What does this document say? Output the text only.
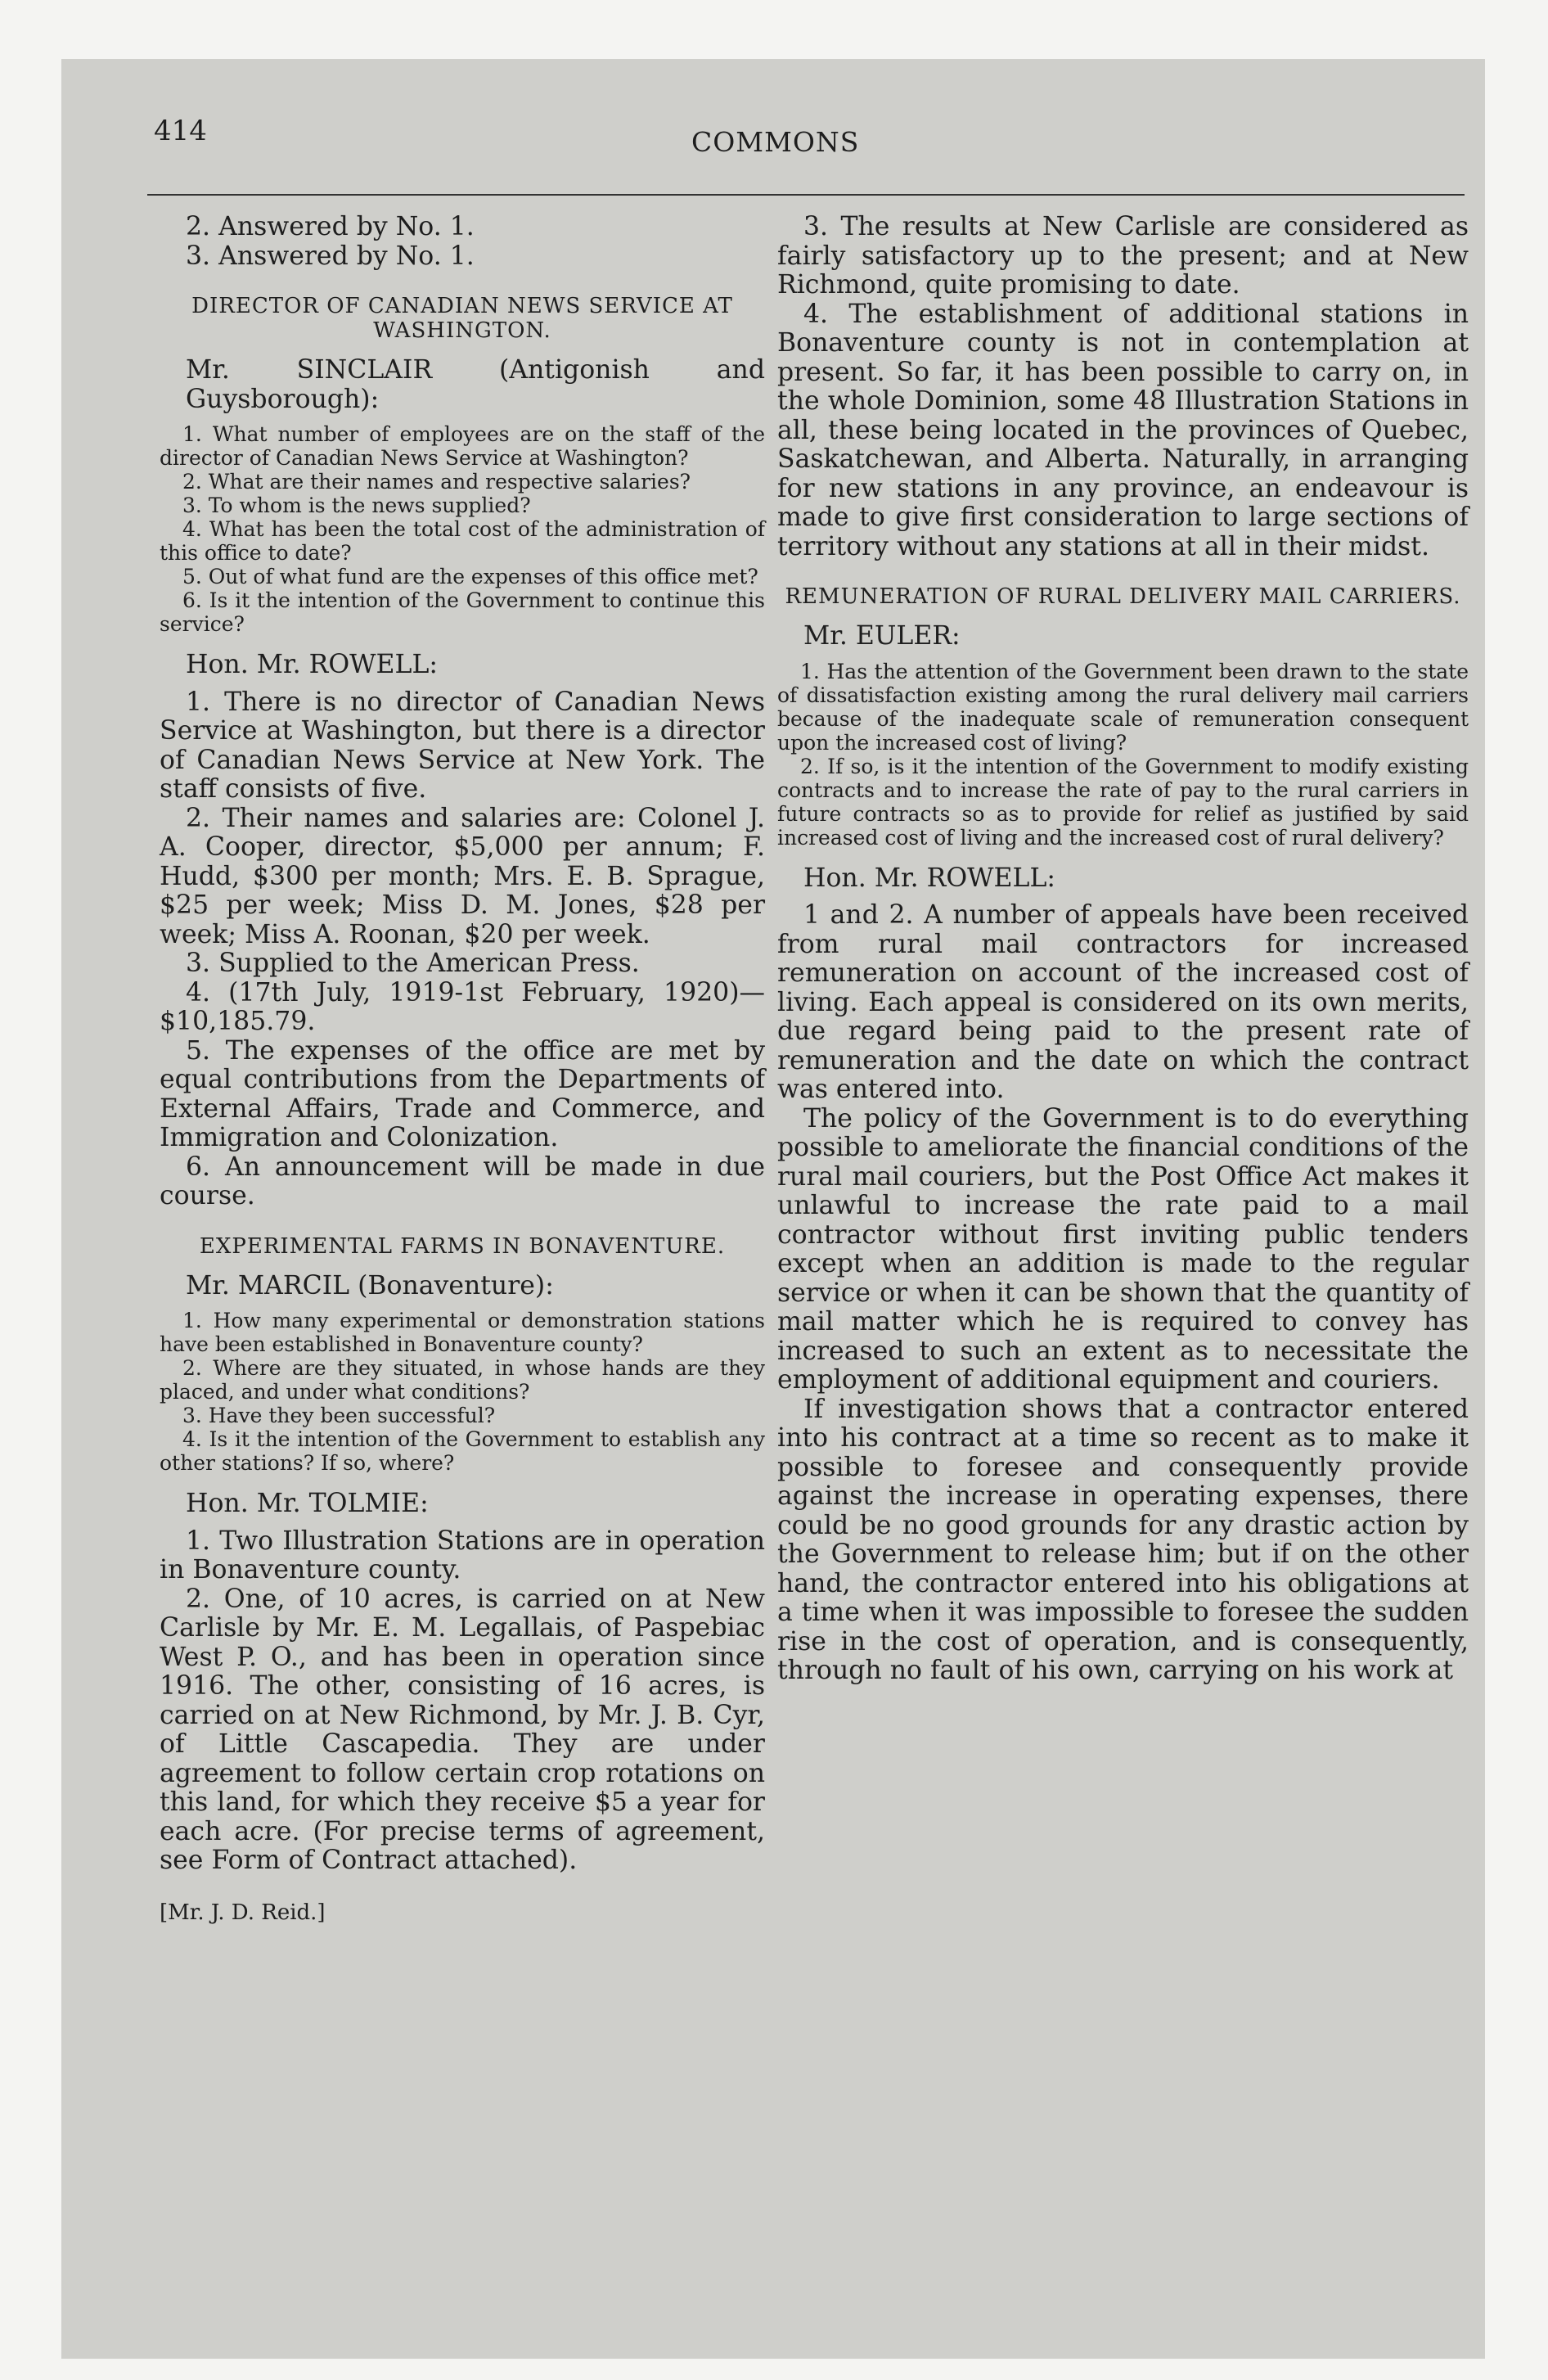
414	COMMONS

2. Answered by No. 1.

3. Answered by No. 1.

DIRECTOR OF CANADIAN NEWS SERVICE AT WASHINGTON.

Mr. SINCLAIR (Antigonish and Guysborough):

1. What number of employees are on the staff of the director of Canadian News Service at Washington?

2. What are their names and respective salaries?

3. To whom is the news supplied?

4. What has been the total cost of the administration of this office to date?

5. Out of what fund are the expenses of this office met?

6. Is it the intention of the Government to continue this service?

Hon. Mr. ROWELL:

1. There is no director of Canadian News Service at Washington, but there is a director of Canadian News Service at New York. The staff consists of five.

2. Their names and salaries are: Colonel J. A. Cooper, director, $5,000 per annum; F. Hudd, $300 per month; Mrs. E. B. Sprague, $25 per week; Miss D. M. Jones, $28 per week; Miss A. Roonan, $20 per week.

3. Supplied to the American Press.

4. (17th July, 1919-1st February, 1920)—$10,185.79.

5. The expenses of the office are met by equal contributions from the Departments of External Affairs, Trade and Commerce, and Immigration and Colonization.

6. An announcement will be made in due course.

EXPERIMENTAL FARMS IN BONAVENTURE.

Mr. MARCIL (Bonaventure):

1. How many experimental or demonstration stations have been established in Bonaventure county?

2. Where are they situated, in whose hands are they placed, and under what conditions?

3. Have they been successful?

4. Is it the intention of the Government to establish any other stations? If so, where?

Hon. Mr. TOLMIE:

1. Two Illustration Stations are in operation in Bonaventure county.

2. One, of 10 acres, is carried on at New Carlisle by Mr. E. M. Legallais, of Paspebiac West P. O., and has been in operation since 1916. The other, consisting of 16 acres, is carried on at New Richmond, by Mr. J. B. Cyr, of Little Cascapedia. They are under agreement to follow certain crop rotations on this land, for which they receive $5 a year for each acre. (For precise terms of agreement, see Form of Contract attached).

[Mr. J. D. Reid.]

3. The results at New Carlisle are considered as fairly satisfactory up to the present; and at New Richmond, quite promising to date.

4. The establishment of additional stations in Bonaventure county is not in contemplation at present. So far, it has been possible to carry on, in the whole Dominion, some 48 Illustration Stations in all, these being located in the provinces of Quebec, Saskatchewan, and Alberta. Naturally, in arranging for new stations in any province, an endeavour is made to give first consideration to large sections of territory without any stations at all in their midst.

REMUNERATION OF RURAL DELIVERY MAIL CARRIERS.

Mr. EULER:

1. Has the attention of the Government been drawn to the state of dissatisfaction existing among the rural delivery mail carriers because of the inadequate scale of remuneration consequent upon the increased cost of living?

2. If so, is it the intention of the Government to modify existing contracts and to increase the rate of pay to the rural carriers in future contracts so as to provide for relief as justified by said increased cost of living and the increased cost of rural delivery?

Hon. Mr. ROWELL:

1 and 2. A number of appeals have been received from rural mail contractors for increased remuneration on account of the increased cost of living. Each appeal is considered on its own merits, due regard being paid to the present rate of remuneration and the date on which the contract was entered into.

The policy of the Government is to do everything possible to ameliorate the financial conditions of the rural mail couriers, but the Post Office Act makes it unlawful to increase the rate paid to a mail contractor without first inviting public tenders except when an addition is made to the regular service or when it can be shown that the quantity of mail matter which he is required to convey has increased to such an extent as to necessitate the employment of additional equipment and couriers.

If investigation shows that a contractor entered into his contract at a time so recent as to make it possible to foresee and consequently provide against the increase in operating expenses, there could be no good grounds for any drastic action by the Government to release him; but if on the other hand, the contractor entered into his obligations at a time when it was impossible to foresee the sudden rise in the cost of operation, and is consequently, through no fault of his own, carrying on his work at
